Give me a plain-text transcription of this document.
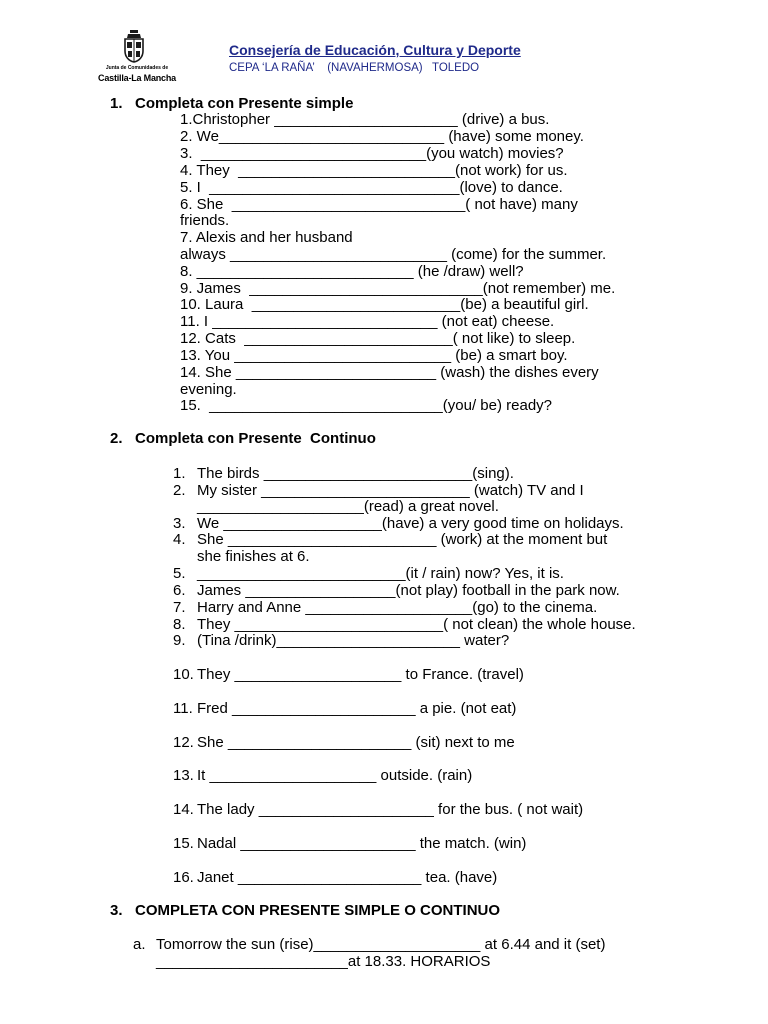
Junta de Comunidades de
Castilla-La Mancha
Consejería de Educación, Cultura y Deporte
CEPA ‘LA RAÑA’    (NAVAHERMOSA)   TOLEDO
1.   Completa con Presente simple
1.Christopher ______________________ (drive) a bus.
2. We___________________________ (have) some money.
3.  ___________________________(you watch) movies?
4. They  __________________________(not work) for us.
5. I  ______________________________(love) to dance.
6. She  ____________________________( not have) many
friends.
7. Alexis and her husband
always __________________________ (come) for the summer.
8. __________________________ (he /draw) well?
9. James  ____________________________(not remember) me.
10. Laura  _________________________(be) a beautiful girl.
11. I ___________________________ (not eat) cheese.
12. Cats  _________________________( not like) to sleep.
13. You __________________________ (be) a smart boy.
14. She ________________________ (wash) the dishes every
evening.
15.  ____________________________(you/ be) ready?
2.   Completa con Presente  Continuo
1. The birds _________________________(sing).
2. My sister _________________________ (watch) TV and I
____________________(read) a great novel.
3. We ___________________(have) a very good time on holidays.
4. She _________________________ (work) at the moment but
she finishes at 6.
5. _________________________(it / rain) now? Yes, it is.
6. James __________________(not play) football in the park now.
7. Harry and Anne ____________________(go) to the cinema.
8. They _________________________( not clean) the whole house.
9. (Tina /drink)______________________ water?
10. They ____________________ to France. (travel)
11. Fred ______________________ a pie. (not eat)
12. She ______________________ (sit) next to me
13. It ____________________ outside. (rain)
14. The lady _____________________ for the bus. ( not wait)
15. Nadal _____________________ the match. (win)
16. Janet ______________________ tea. (have)
3.   COMPLETA CON PRESENTE SIMPLE O CONTINUO
a. Tomorrow the sun (rise)____________________ at 6.44 and it (set)
_______________________at 18.33. HORARIOS
